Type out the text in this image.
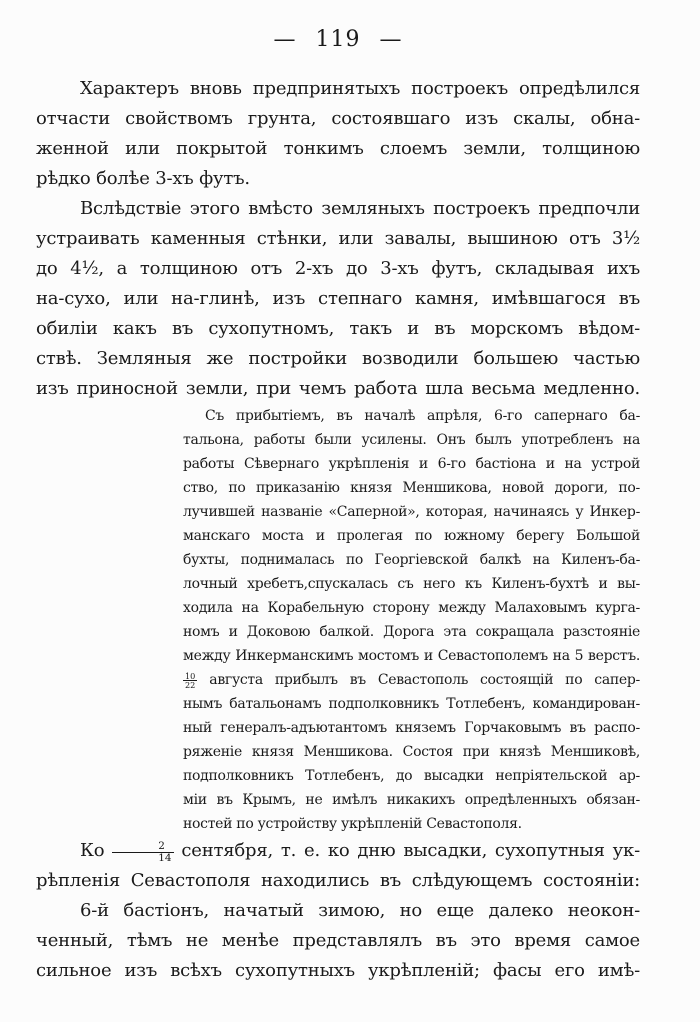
— 119 —
Характеръ вновь предпринятыхъ построекъ опредѣлился
отчасти свойствомъ грунта, состоявшаго изъ скалы, обна-
женной или покрытой тонкимъ слоемъ земли, толщиною
рѣдко болѣе 3-хъ футъ.
Вслѣдствіе этого вмѣсто земляныхъ построекъ предпочли
устраивать каменныя стѣнки, или завалы, вышиною отъ 3¹⁄₂
до 4¹⁄₂, а толщиною отъ 2-хъ до 3-хъ футъ, складывая ихъ
на-сухо, или на-глинѣ, изъ степнаго камня, имѣвшагося въ
обиліи какъ въ сухопутномъ, такъ и въ морскомъ вѣдом-
ствѣ. Земляныя же постройки возводили большею частью
изъ приносной земли, при чемъ работа шла весьма медленно.
Съ прибытіемъ, въ началѣ апрѣля, 6-го сапернаго ба-
тальона, работы были усилены. Онъ былъ употребленъ на
работы Сѣвернаго укрѣпленія и 6-го бастіона и на устрой
ство, по приказанію князя Меншикова, новой дороги, по-
лучившей названіе «Саперной», которая, начинаясь у Инкер-
манскаго моста и пролегая по южному берегу Большой
бухты, поднималась по Георгіевской балкѣ на Киленъ-ба-
лочный хребетъ,спускалась съ него къ Киленъ-бухтѣ и вы-
ходила на Корабельную сторону между Малаховымъ курга-
номъ и Доковою балкой. Дорога эта сокращала разстояніе
между Инкерманскимъ мостомъ и Севастополемъ на 5 верстъ.
$\frac{10}{22}$ августа прибылъ въ Севастополь состоящій по сапер-
нымъ батальонамъ подполковникъ Тотлебенъ, командирован-
ный генералъ-адъютантомъ княземъ Горчаковымъ въ распо-
ряженіе князя Меншикова. Состоя при князѣ Меншиковѣ,
подполковникъ Тотлебенъ, до высадки непріятельской ар-
міи въ Крымъ, не имѣлъ никакихъ опредѣленныхъ обязан-
ностей по устройству укрѣпленій Севастополя.
Ко $\frac{2}{14}$ сентября, т. е. ко дню высадки, сухопутныя ук-
рѣпленія Севастополя находились въ слѣдующемъ состояніи:
6-й бастіонъ, начатый зимою, но еще далеко неокон-
ченный, тѣмъ не менѣе представлялъ въ это время самое
сильное изъ всѣхъ сухопутныхъ укрѣпленій; фасы его имѣ-
